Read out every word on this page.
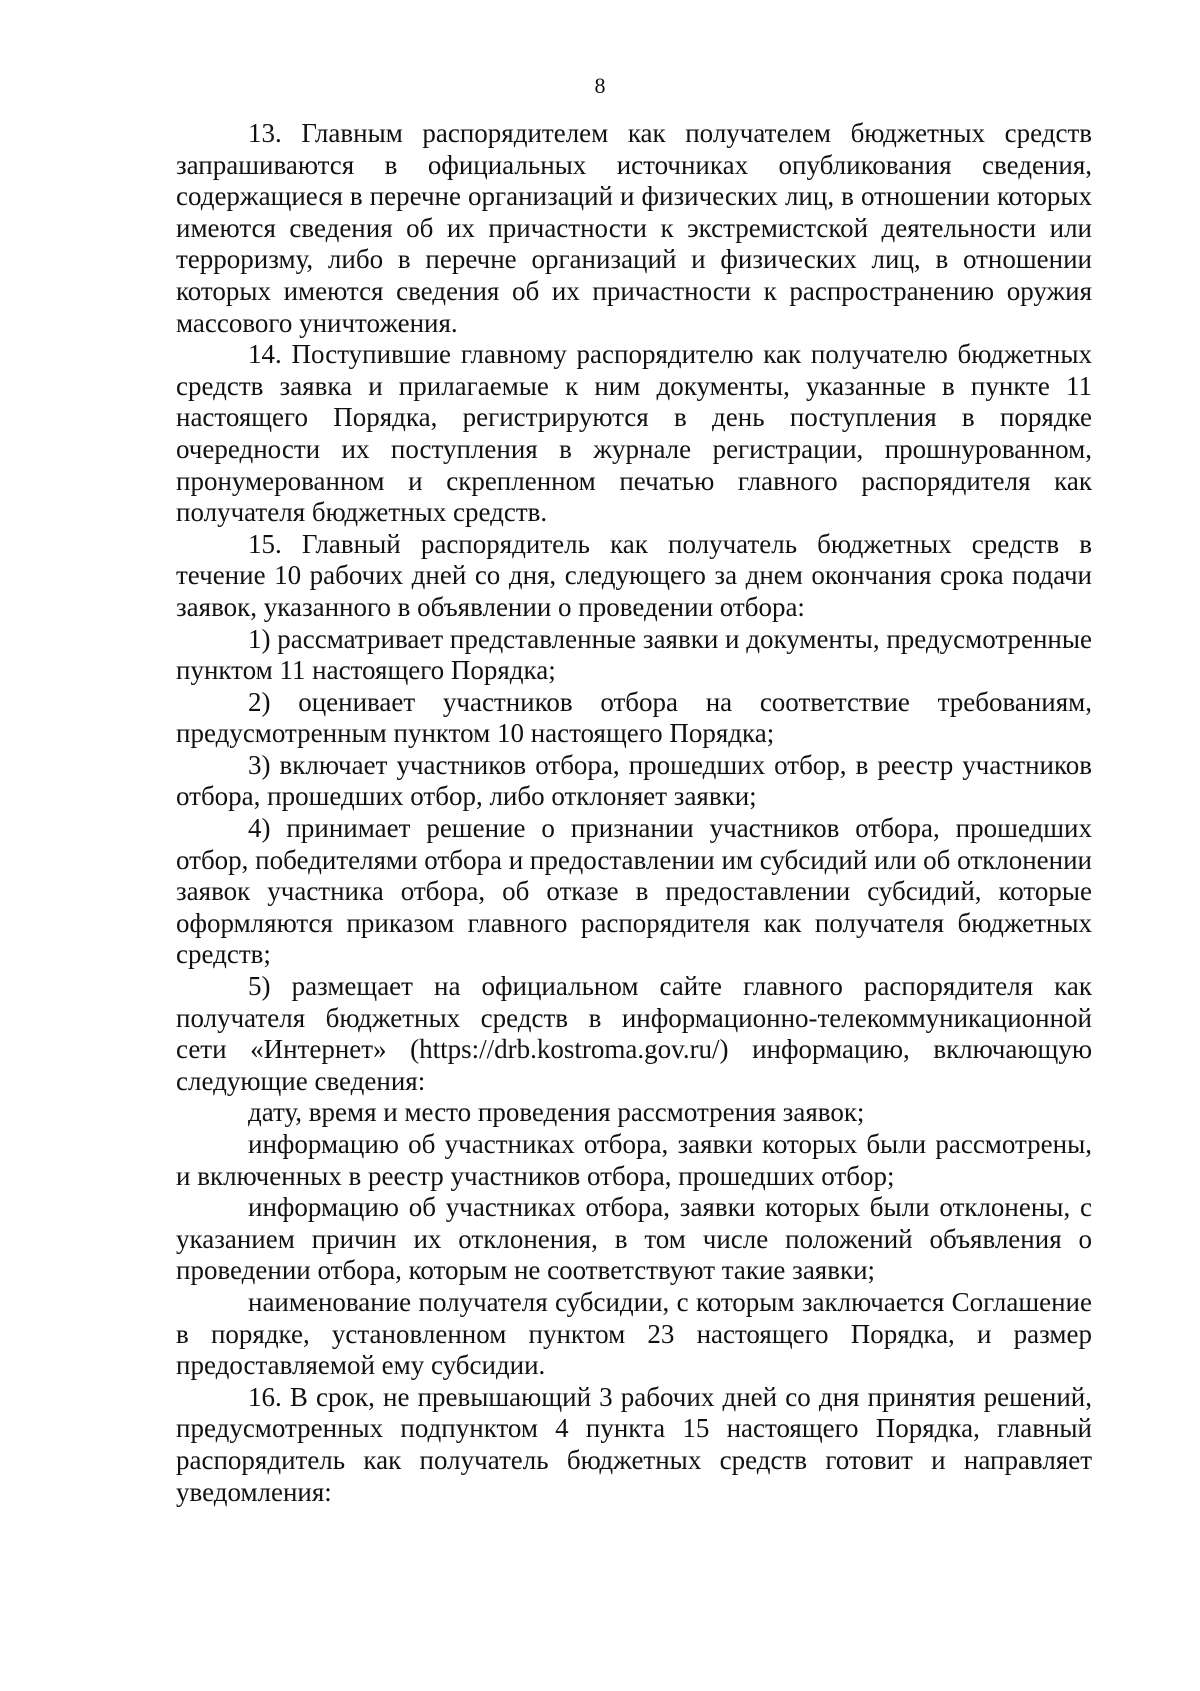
8

13. Главным распорядителем как получателем бюджетных средств запрашиваются в официальных источниках опубликования сведения, содержащиеся в перечне организаций и физических лиц, в отношении которых имеются сведения об их причастности к экстремистской деятельности или терроризму, либо в перечне организаций и физических лиц, в отношении которых имеются сведения об их причастности к распространению оружия массового уничтожения.

14. Поступившие главному распорядителю как получателю бюджетных средств заявка и прилагаемые к ним документы, указанные в пункте 11 настоящего Порядка, регистрируются в день поступления в порядке очередности их поступления в журнале регистрации, прошнурованном, пронумерованном и скрепленном печатью главного распорядителя как получателя бюджетных средств.

15. Главный распорядитель как получатель бюджетных средств в течение 10 рабочих дней со дня, следующего за днем окончания срока подачи заявок, указанного в объявлении о проведении отбора:

1) рассматривает представленные заявки и документы, предусмотренные пунктом 11 настоящего Порядка;

2) оценивает участников отбора на соответствие требованиям, предусмотренным пунктом 10 настоящего Порядка;

3) включает участников отбора, прошедших отбор, в реестр участников отбора, прошедших отбор, либо отклоняет заявки;

4) принимает решение о признании участников отбора, прошедших отбор, победителями отбора и предоставлении им субсидий или об отклонении заявок участника отбора, об отказе в предоставлении субсидий, которые оформляются приказом главного распорядителя как получателя бюджетных средств;

5) размещает на официальном сайте главного распорядителя как получателя бюджетных средств в информационно-телекоммуникационной сети «Интернет» (https://drb.kostroma.gov.ru/) информацию, включающую следующие сведения:

дату, время и место проведения рассмотрения заявок;

информацию об участниках отбора, заявки которых были рассмотрены, и включенных в реестр участников отбора, прошедших отбор;

информацию об участниках отбора, заявки которых были отклонены, с указанием причин их отклонения, в том числе положений объявления о проведении отбора, которым не соответствуют такие заявки;

наименование получателя субсидии, с которым заключается Соглашение в порядке, установленном пунктом 23 настоящего Порядка, и размер предоставляемой ему субсидии.

16. В срок, не превышающий 3 рабочих дней со дня принятия решений, предусмотренных подпунктом 4 пункта 15 настоящего Порядка, главный распорядитель как получатель бюджетных средств готовит и направляет уведомления:
